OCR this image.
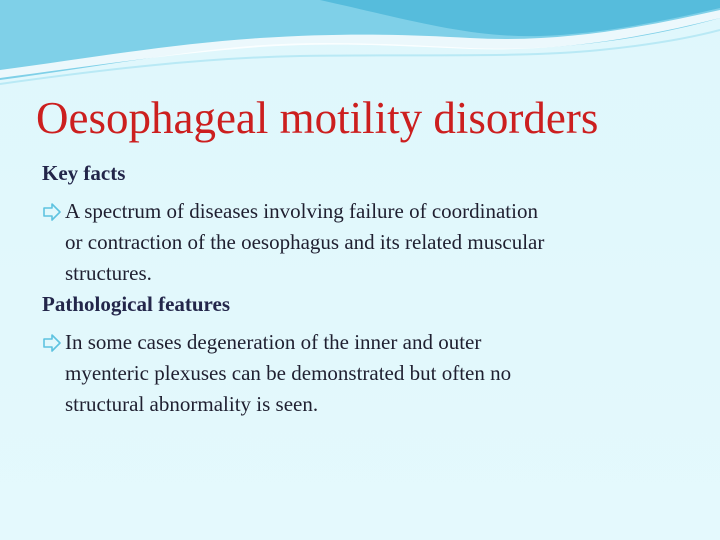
Oesophageal motility disorders
Key facts
A spectrum of diseases involving failure of coordination
or contraction of the oesophagus and its related muscular
structures.
Pathological features
In some cases degeneration of the inner and outer
myenteric plexuses can be demonstrated but often no
structural abnormality is seen.
